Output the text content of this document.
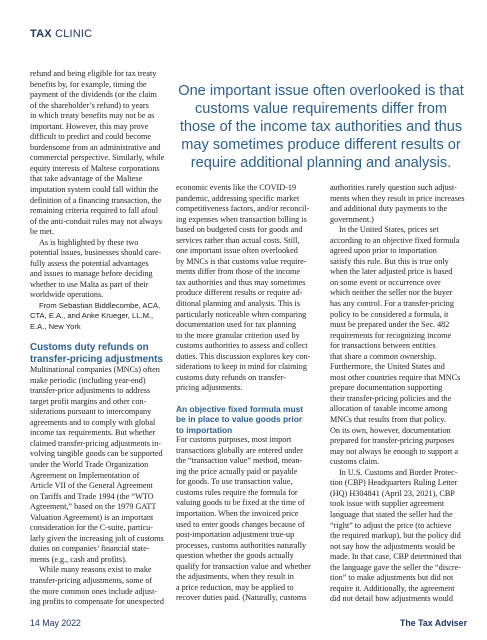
TAX CLINIC
One important issue often overlooked is that customs value requirements differ from those of the income tax authorities and thus may sometimes produce different results or require additional planning and analysis.

refund and being eligible for tax treaty

benefits by, for example, timing the

payment of the dividends (or the claim

of the shareholder’s refund) to years

in which treaty benefits may not be as

important. However, this may prove

difficult to predict and could become

burdensome from an administrative and

commercial perspective. Similarly, while

equity interests of Maltese corporations

that take advantage of the Maltese

imputation system could fall within the

definition of a financing transaction, the

remaining criteria required to fall afoul

of the anti-conduit rules may not always

be met.

As is highlighted by these two

potential issues, businesses should care-

fully assess the potential advantages

and issues to manage before deciding

whether to use Malta as part of their

worldwide operations.

From Sebastian Biddlecombe, ACA,

CTA, E.A., and Anke Krueger, LL.M.,

E.A., New York

Customs duty refunds on

transfer-pricing adjustments

Multinational companies (MNCs) often

make periodic (including year-end)

transfer-price adjustments to address

target profit margins and other con-

siderations pursuant to intercompany

agreements and to comply with global

income tax requirements. But whether

claimed transfer-pricing adjustments in-

volving tangible goods can be supported

under the World Trade Organization

Agreement on Implementation of

Article VII of the General Agreement

on Tariffs and Trade 1994 (the “WTO

Agreement,” based on the 1979 GATT

Valuation Agreement) is an important

consideration for the C-suite, particu-

larly given the increasing jolt of customs

duties on companies’ financial state-

ments (e.g., cash and profits).

While many reasons exist to make

transfer-pricing adjustments, some of

the more common ones include adjust-

ing profits to compensate for unexpected

economic events like the COVID-19

pandemic, addressing specific market

competitiveness factors, and/or reconcil-

ing expenses when transaction billing is

based on budgeted costs for goods and

services rather than actual costs. Still,

one important issue often overlooked

by MNCs is that customs value require-

ments differ from those of the income

tax authorities and thus may sometimes

produce different results or require ad-

ditional planning and analysis. This is

particularly noticeable when comparing

documentation used for tax planning

to the more granular criterion used by

customs authorities to assess and collect

duties. This discussion explores key con-

siderations to keep in mind for claiming

customs duty refunds on transfer-

pricing adjustments.

An objective fixed formula must

be in place to value goods prior

to importation

For customs purposes, most import

transactions globally are entered under

the “transaction value” method, mean-

ing the price actually paid or payable

for goods. To use transaction value,

customs rules require the formula for

valuing goods to be fixed at the time of

importation. When the invoiced price

used to enter goods changes because of

post-importation adjustment true-up

processes, customs authorities naturally

question whether the goods actually

qualify for transaction value and whether

the adjustments, when they result in

a price reduction, may be applied to

recover duties paid. (Naturally, customs

authorities rarely question such adjust-

ments when they result in price increases

and additional duty payments to the

government.)

In the United States, prices set

according to an objective fixed formula

agreed upon prior to importation

satisfy this rule. But this is true only

when the later adjusted price is based

on some event or occurrence over

which neither the seller nor the buyer

has any control. For a transfer-pricing

policy to be considered a formula, it

must be prepared under the Sec. 482

requirements for recognizing income

for transactions between entities

that share a common ownership.

Furthermore, the United States and

most other countries require that MNCs

prepare documentation supporting

their transfer-pricing policies and the

allocation of taxable income among

MNCs that results from that policy.

On its own, however, documentation

prepared for transfer-pricing purposes

may not always be enough to support a

customs claim.

In U.S. Customs and Border Protec-

tion (CBP) Headquarters Ruling Letter

(HQ) H304841 (April 23, 2021), CBP

took issue with supplier agreement

language that stated the seller had the

“right” to adjust the price (to achieve

the required markup), but the policy did

not say how the adjustments would be

made. In that case, CBP determined that

the language gave the seller the “discre-

tion” to make adjustments but did not

require it. Additionally, the agreement

did not detail how adjustments would

14 May 2022	The Tax Adviser
